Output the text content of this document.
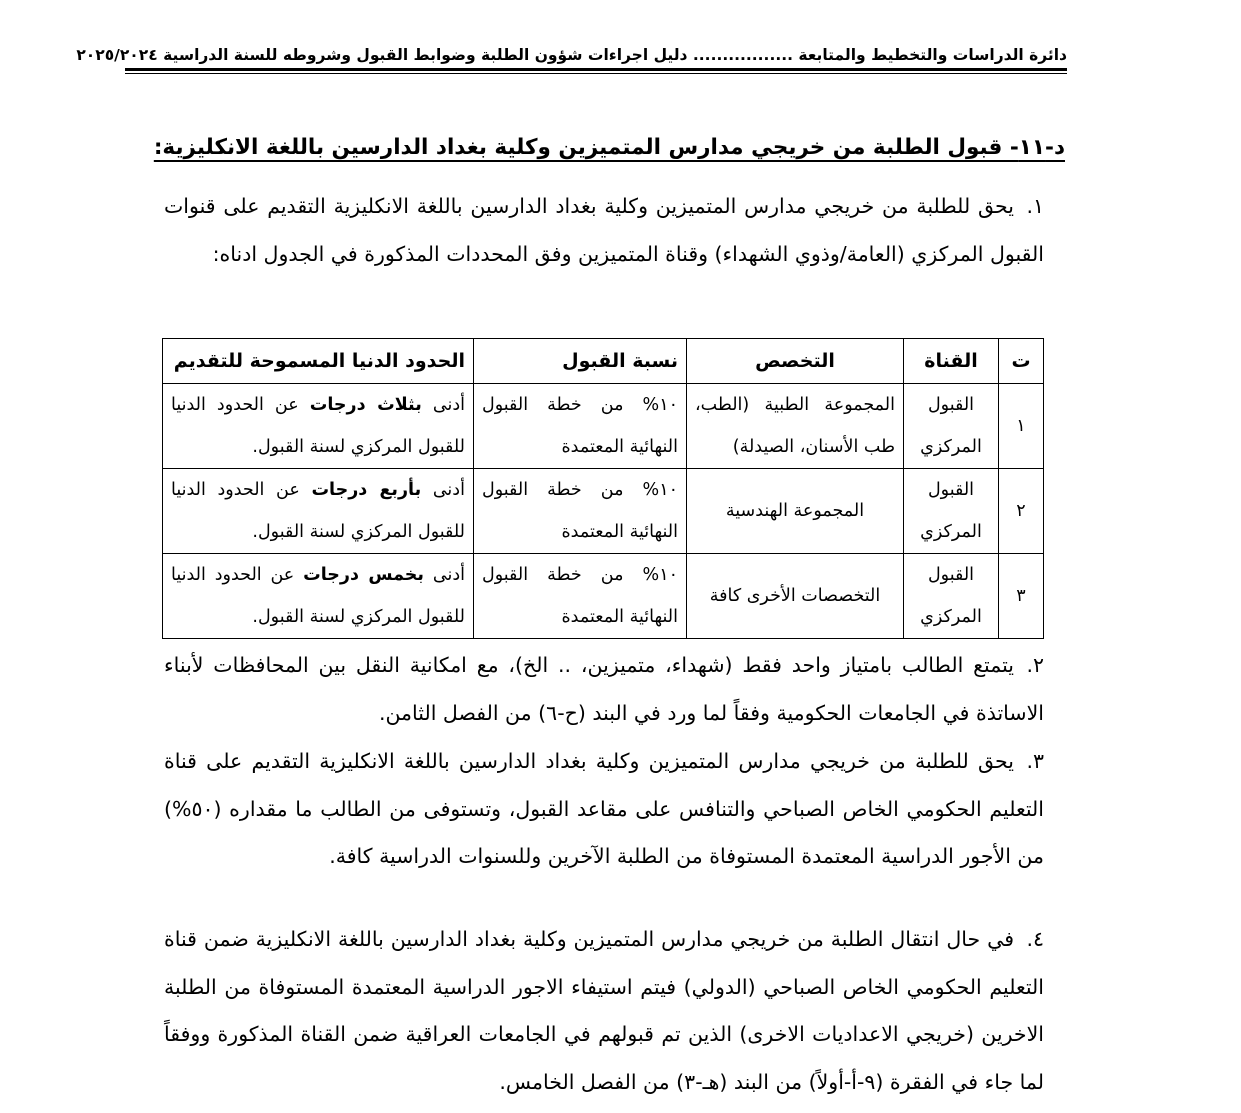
دائرة الدراسات والتخطيط والمتابعة ................. دليل اجراءات شؤون الطلبة وضوابط القبول وشروطه للسنة الدراسية ٢٠٢٥/٢٠٢٤
د-١١- قبول الطلبة من خريجي مدارس المتميزين وكلية بغداد الدارسين باللغة الانكليزية:
١.يحق للطلبة من خريجي مدارس المتميزين وكلية بغداد الدارسين باللغة الانكليزية التقديم على قنوات القبول المركزي (العامة/وذوي الشهداء) وقناة المتميزين وفق المحددات المذكورة في الجدول ادناه:
ت	القناة	التخصص	نسبة القبول	الحدود الدنيا المسموحة للتقديم
١	القبول المركزي	المجموعة الطبية (الطب، طب الأسنان، الصيدلة)	١٠% من خطة القبول النهائية المعتمدة	أدنى بثلاث درجات عن الحدود الدنيا للقبول المركزي لسنة القبول.
٢	القبول المركزي	المجموعة الهندسية	١٠% من خطة القبول النهائية المعتمدة	أدنى بأربع درجات عن الحدود الدنيا للقبول المركزي لسنة القبول.
٣	القبول المركزي	التخصصات الأخرى كافة	١٠% من خطة القبول النهائية المعتمدة	أدنى بخمس درجات عن الحدود الدنيا للقبول المركزي لسنة القبول.
٢.يتمتع الطالب بامتياز واحد فقط (شهداء، متميزين، .. الخ)، مع امكانية النقل بين المحافظات لأبناء الاساتذة في الجامعات الحكومية وفقاً لما ورد في البند (ح-٦) من الفصل الثامن.
٣.يحق للطلبة من خريجي مدارس المتميزين وكلية بغداد الدارسين باللغة الانكليزية التقديم على قناة التعليم الحكومي الخاص الصباحي والتنافس على مقاعد القبول، وتستوفى من الطالب ما مقداره (٥٠%) من الأجور الدراسية المعتمدة المستوفاة من الطلبة الآخرين وللسنوات الدراسية كافة.
٤.في حال انتقال الطلبة من خريجي مدارس المتميزين وكلية بغداد الدارسين باللغة الانكليزية ضمن قناة التعليم الحكومي الخاص الصباحي (الدولي) فيتم استيفاء الاجور الدراسية المعتمدة المستوفاة من الطلبة الاخرين (خريجي الاعداديات الاخرى) الذين تم قبولهم في الجامعات العراقية ضمن القناة المذكورة ووفقاً لما جاء في الفقرة (٩-أ-أولاً) من البند (هـ-٣) من الفصل الخامس.
